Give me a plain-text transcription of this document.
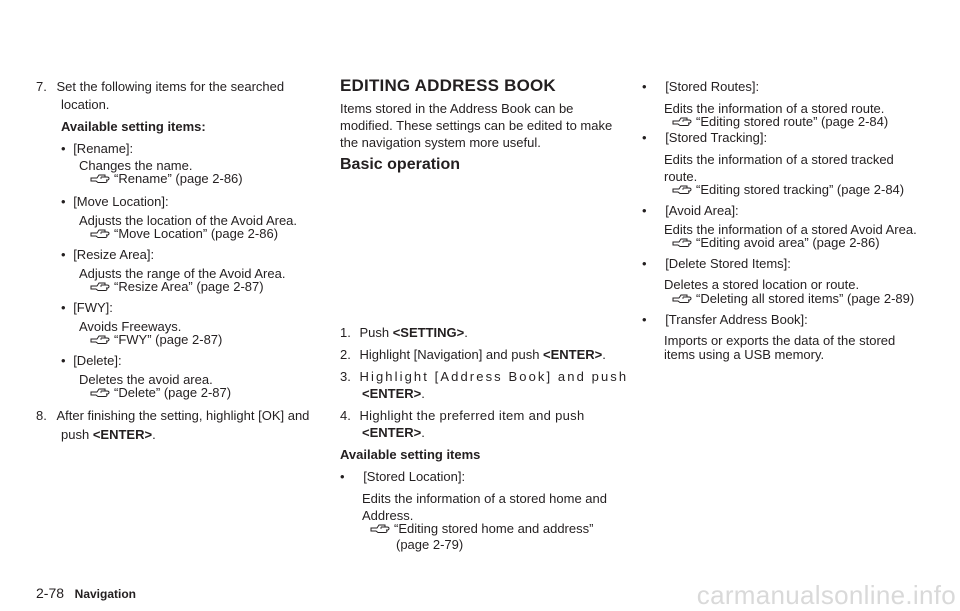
7. Set the following items for the searched
location.
Available setting items:
• [Rename]:
Changes the name.
“Rename” (page 2-86)
• [Move Location]:
Adjusts the location of the Avoid Area.
“Move Location” (page 2-86)
• [Resize Area]:
Adjusts the range of the Avoid Area.
“Resize Area” (page 2-87)
• [FWY]:
Avoids Freeways.
“FWY” (page 2-87)
• [Delete]:
Deletes the avoid area.
“Delete” (page 2-87)
8. After finishing the setting, highlight [OK] and
push <ENTER>.
EDITING ADDRESS BOOK
Items stored in the Address Book can be
modified. These settings can be edited to make
the navigation system more useful.
Basic operation
1. Push <SETTING>.
2. Highlight [Navigation] and push <ENTER>.
3. Highlight [Address Book] and push
<ENTER>.
4. Highlight the preferred item and push
<ENTER>.
Available setting items
• [Stored Location]:
Edits the information of a stored home and
Address.
“Editing stored home and address”
(page 2-79)
• [Stored Routes]:
Edits the information of a stored route.
“Editing stored route” (page 2-84)
• [Stored Tracking]:
Edits the information of a stored tracked
route.
“Editing stored tracking” (page 2-84)
• [Avoid Area]:
Edits the information of a stored Avoid Area.
“Editing avoid area” (page 2-86)
• [Delete Stored Items]:
Deletes a stored location or route.
“Deleting all stored items” (page 2-89)
• [Transfer Address Book]:
Imports or exports the data of the stored
items using a USB memory.
2-78 Navigation	carmanualsonline.info
